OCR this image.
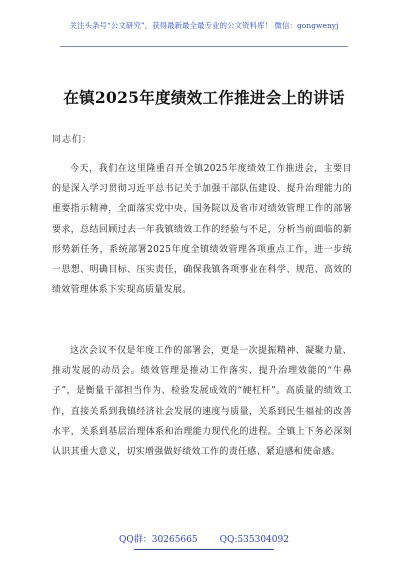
关注头条号“公文研究”，获得最新最全最专业的公文资料库！ 微信：gongwenyj
在镇2025年度绩效工作推进会上的讲话
同志们：

今天，我们在这里隆重召开全镇2025年度绩效工作推进会，主要目的是深入学习贯彻习近平总书记关于加强干部队伍建设、提升治理能力的重要指示精神，全面落实党中央、国务院以及省市对绩效管理工作的部署要求，总结回顾过去一年我镇绩效工作的经验与不足，分析当前面临的新形势新任务，系统部署2025年度全镇绩效管理各项重点工作，进一步统一思想、明确目标、压实责任，确保我镇各项事业在科学、规范、高效的绩效管理体系下实现高质量发展。

这次会议不仅是年度工作的部署会，更是一次提振精神、凝聚力量、推动发展的动员会。绩效管理是推动工作落实、提升治理效能的“牛鼻子”，是衡量干部担当作为、检验发展成效的“硬杠杆”。高质量的绩效工作，直接关系到我镇经济社会发展的速度与质量，关系到民生福祉的改善水平，关系到基层治理体系和治理能力现代化的进程。全镇上下务必深刻认识其重大意义，切实增强做好绩效工作的责任感、紧迫感和使命感。

QQ群：30265665 QQ:535304092
